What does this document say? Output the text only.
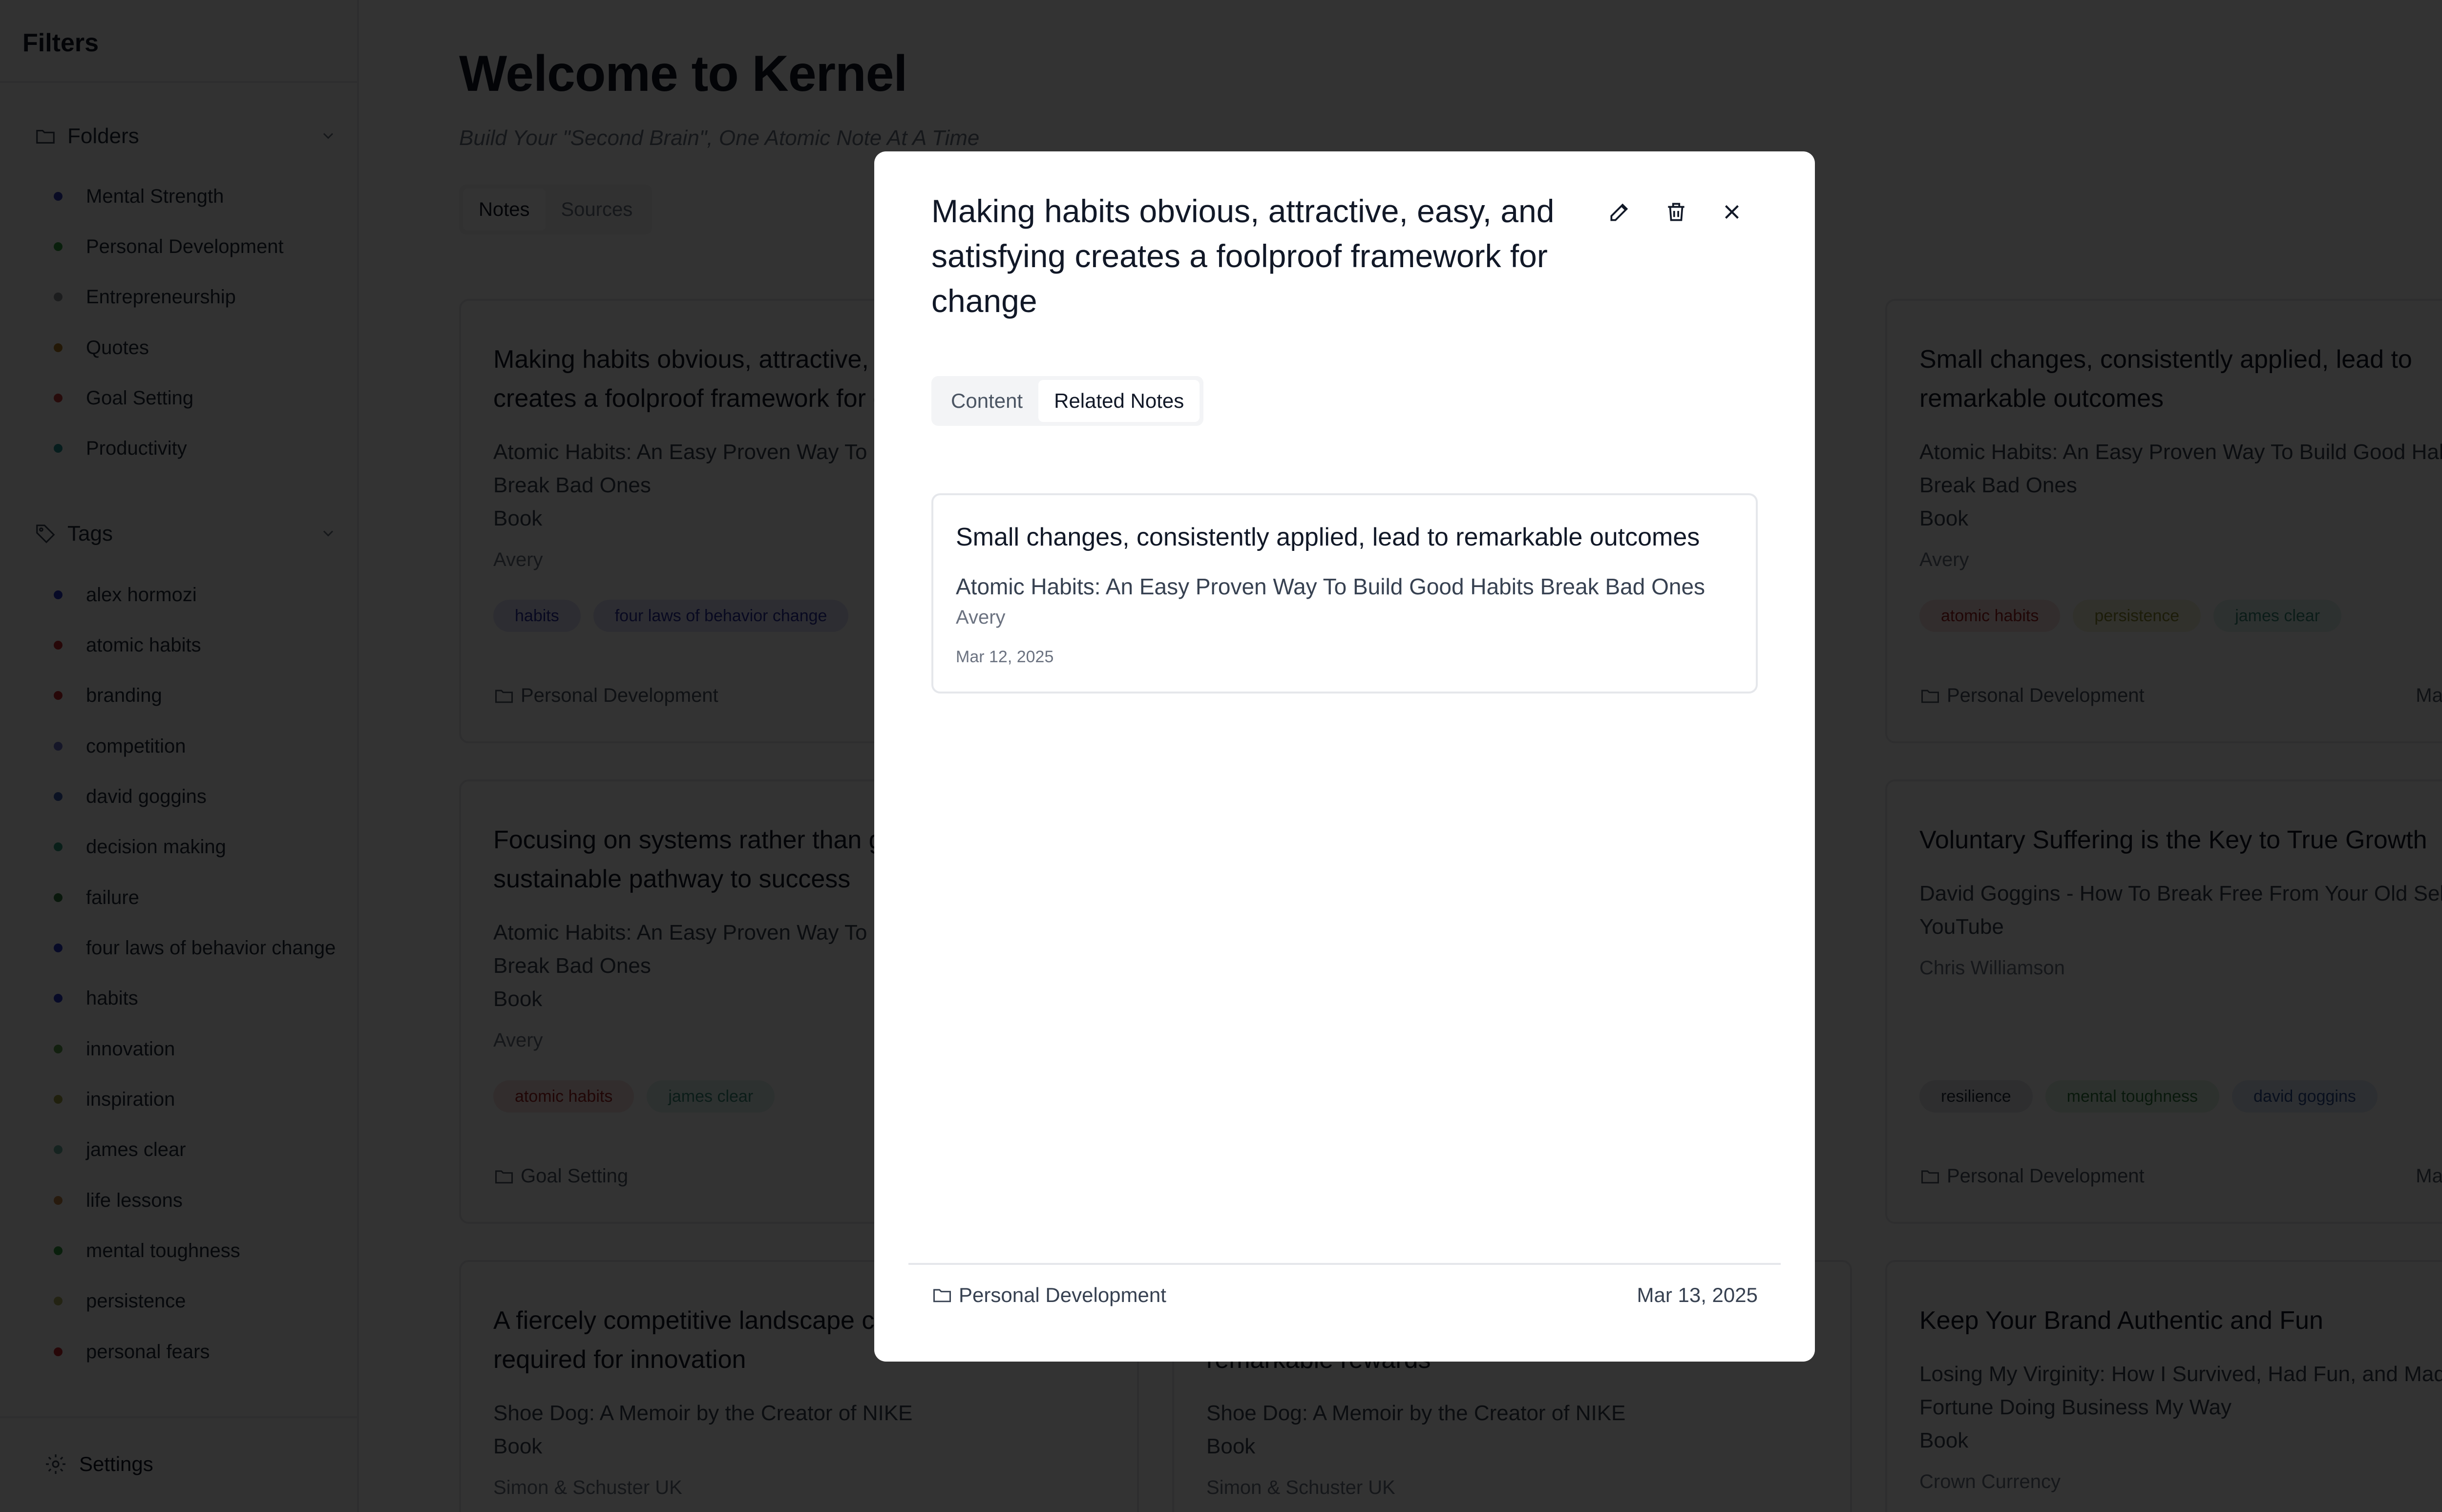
Making habits obvious, attractive, easy, and satisfying creates a foolproof framework for change
Content	Related Notes
Small changes, consistently applied, lead to remarkable outcomes
Atomic Habits: An Easy Proven Way To Build Good Habits Break Bad Ones
Avery
Mar 12, 2025
Personal Development	Mar 13, 2025
